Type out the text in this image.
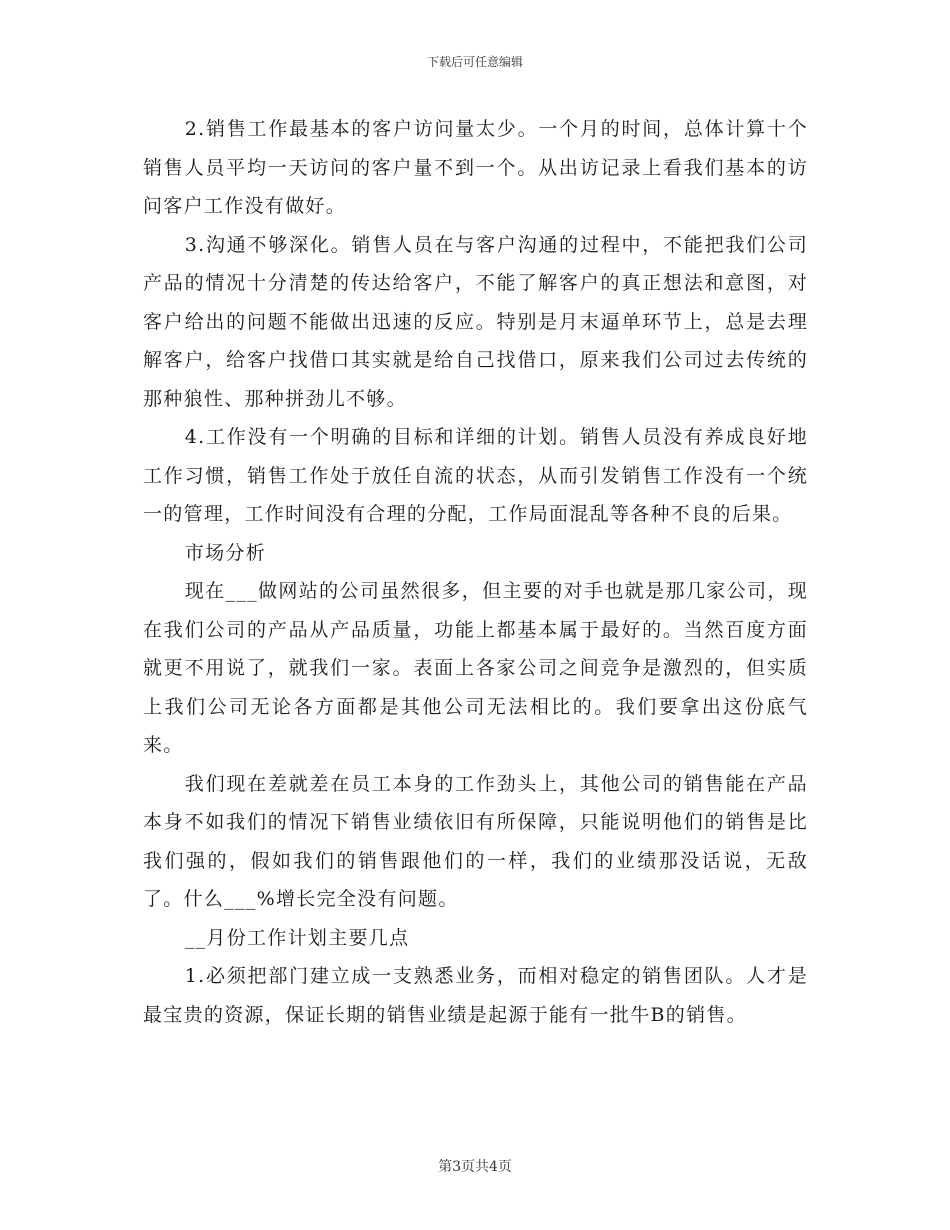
下载后可任意编辑

2.销售工作最基本的客户访问量太少。一个月的时间，总体计算十个销售人员平均一天访问的客户量不到一个。从出访记录上看我们基本的访问客户工作没有做好。

3.沟通不够深化。销售人员在与客户沟通的过程中，不能把我们公司产品的情况十分清楚的传达给客户，不能了解客户的真正想法和意图，对客户给出的问题不能做出迅速的反应。特别是月末逼单环节上，总是去理解客户，给客户找借口其实就是给自己找借口，原来我们公司过去传统的那种狼性、那种拼劲儿不够。

4.工作没有一个明确的目标和详细的计划。销售人员没有养成良好地工作习惯，销售工作处于放任自流的状态，从而引发销售工作没有一个统一的管理，工作时间没有合理的分配，工作局面混乱等各种不良的后果。

市场分析

现在___做网站的公司虽然很多，但主要的对手也就是那几家公司，现在我们公司的产品从产品质量，功能上都基本属于最好的。当然百度方面就更不用说了，就我们一家。表面上各家公司之间竞争是激烈的，但实质上我们公司无论各方面都是其他公司无法相比的。我们要拿出这份底气来。

我们现在差就差在员工本身的工作劲头上，其他公司的销售能在产品本身不如我们的情况下销售业绩依旧有所保障，只能说明他们的销售是比我们强的，假如我们的销售跟他们的一样，我们的业绩那没话说，无敌了。什么___%增长完全没有问题。

__月份工作计划主要几点

1.必须把部门建立成一支熟悉业务，而相对稳定的销售团队。人才是最宝贵的资源，保证长期的销售业绩是起源于能有一批牛B的销售。

第3页共4页
